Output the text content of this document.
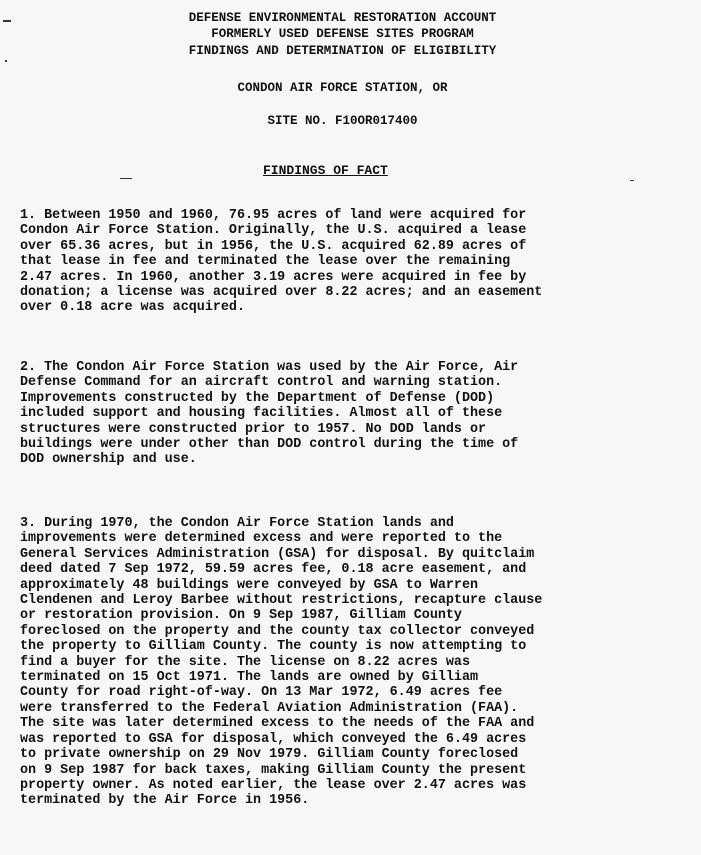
DEFENSE ENVIRONMENTAL RESTORATION ACCOUNT
FORMERLY USED DEFENSE SITES PROGRAM
FINDINGS AND DETERMINATION OF ELIGIBILITY
CONDON AIR FORCE STATION, OR
SITE NO. F10OR017400
FINDINGS OF FACT
1. Between 1950 and 1960, 76.95 acres of land were acquired for
Condon Air Force Station. Originally, the U.S. acquired a lease
over 65.36 acres, but in 1956, the U.S. acquired 62.89 acres of
that lease in fee and terminated the lease over the remaining
2.47 acres. In 1960, another 3.19 acres were acquired in fee by
donation; a license was acquired over 8.22 acres; and an easement
over 0.18 acre was acquired.
2. The Condon Air Force Station was used by the Air Force, Air
Defense Command for an aircraft control and warning station.
Improvements constructed by the Department of Defense (DOD)
included support and housing facilities. Almost all of these
structures were constructed prior to 1957. No DOD lands or
buildings were under other than DOD control during the time of
DOD ownership and use.
3. During 1970, the Condon Air Force Station lands and
improvements were determined excess and were reported to the
General Services Administration (GSA) for disposal. By quitclaim
deed dated 7 Sep 1972, 59.59 acres fee, 0.18 acre easement, and
approximately 48 buildings were conveyed by GSA to Warren
Clendenen and Leroy Barbee without restrictions, recapture clause
or restoration provision. On 9 Sep 1987, Gilliam County
foreclosed on the property and the county tax collector conveyed
the property to Gilliam County. The county is now attempting to
find a buyer for the site. The license on 8.22 acres was
terminated on 15 Oct 1971. The lands are owned by Gilliam
County for road right-of-way. On 13 Mar 1972, 6.49 acres fee
were transferred to the Federal Aviation Administration (FAA).
The site was later determined excess to the needs of the FAA and
was reported to GSA for disposal, which conveyed the 6.49 acres
to private ownership on 29 Nov 1979. Gilliam County foreclosed
on 9 Sep 1987 for back taxes, making Gilliam County the present
property owner. As noted earlier, the lease over 2.47 acres was
terminated by the Air Force in 1956.
